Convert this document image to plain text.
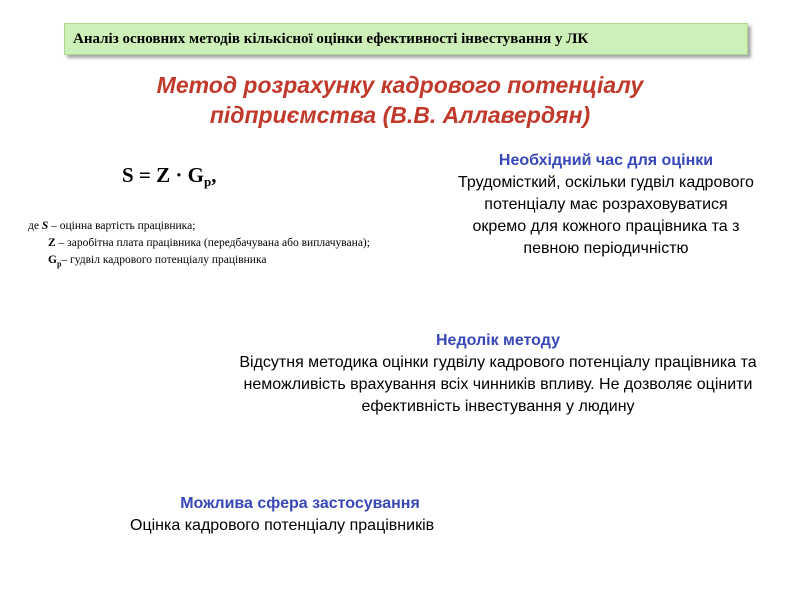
Аналіз основних методів кількісної оцінки ефективності інвестування у ЛК
Метод розрахунку кадрового потенціалу
підприємства (В.В. Аллавердян)
$S = Z \cdot G_p$,
де S – оцінна вартість працівника;
Z – заробітна плата працівника (передбачувана або виплачувана);
$G_p-$ гудвіл кадрового потенціалу працівника
Необхідний час для оцінки
Трудомісткий, оскільки гудвіл кадрового потенціалу має розраховуватися окремо для кожного працівника та з певною періодичністю
Недолік методу
Відсутня методика оцінки гудвілу кадрового потенціалу працівника та неможливість врахування всіх чинників впливу. Не дозволяє оцінити ефективність інвестування у людину
Можлива сфера застосування
Оцінка кадрового потенціалу працівників
